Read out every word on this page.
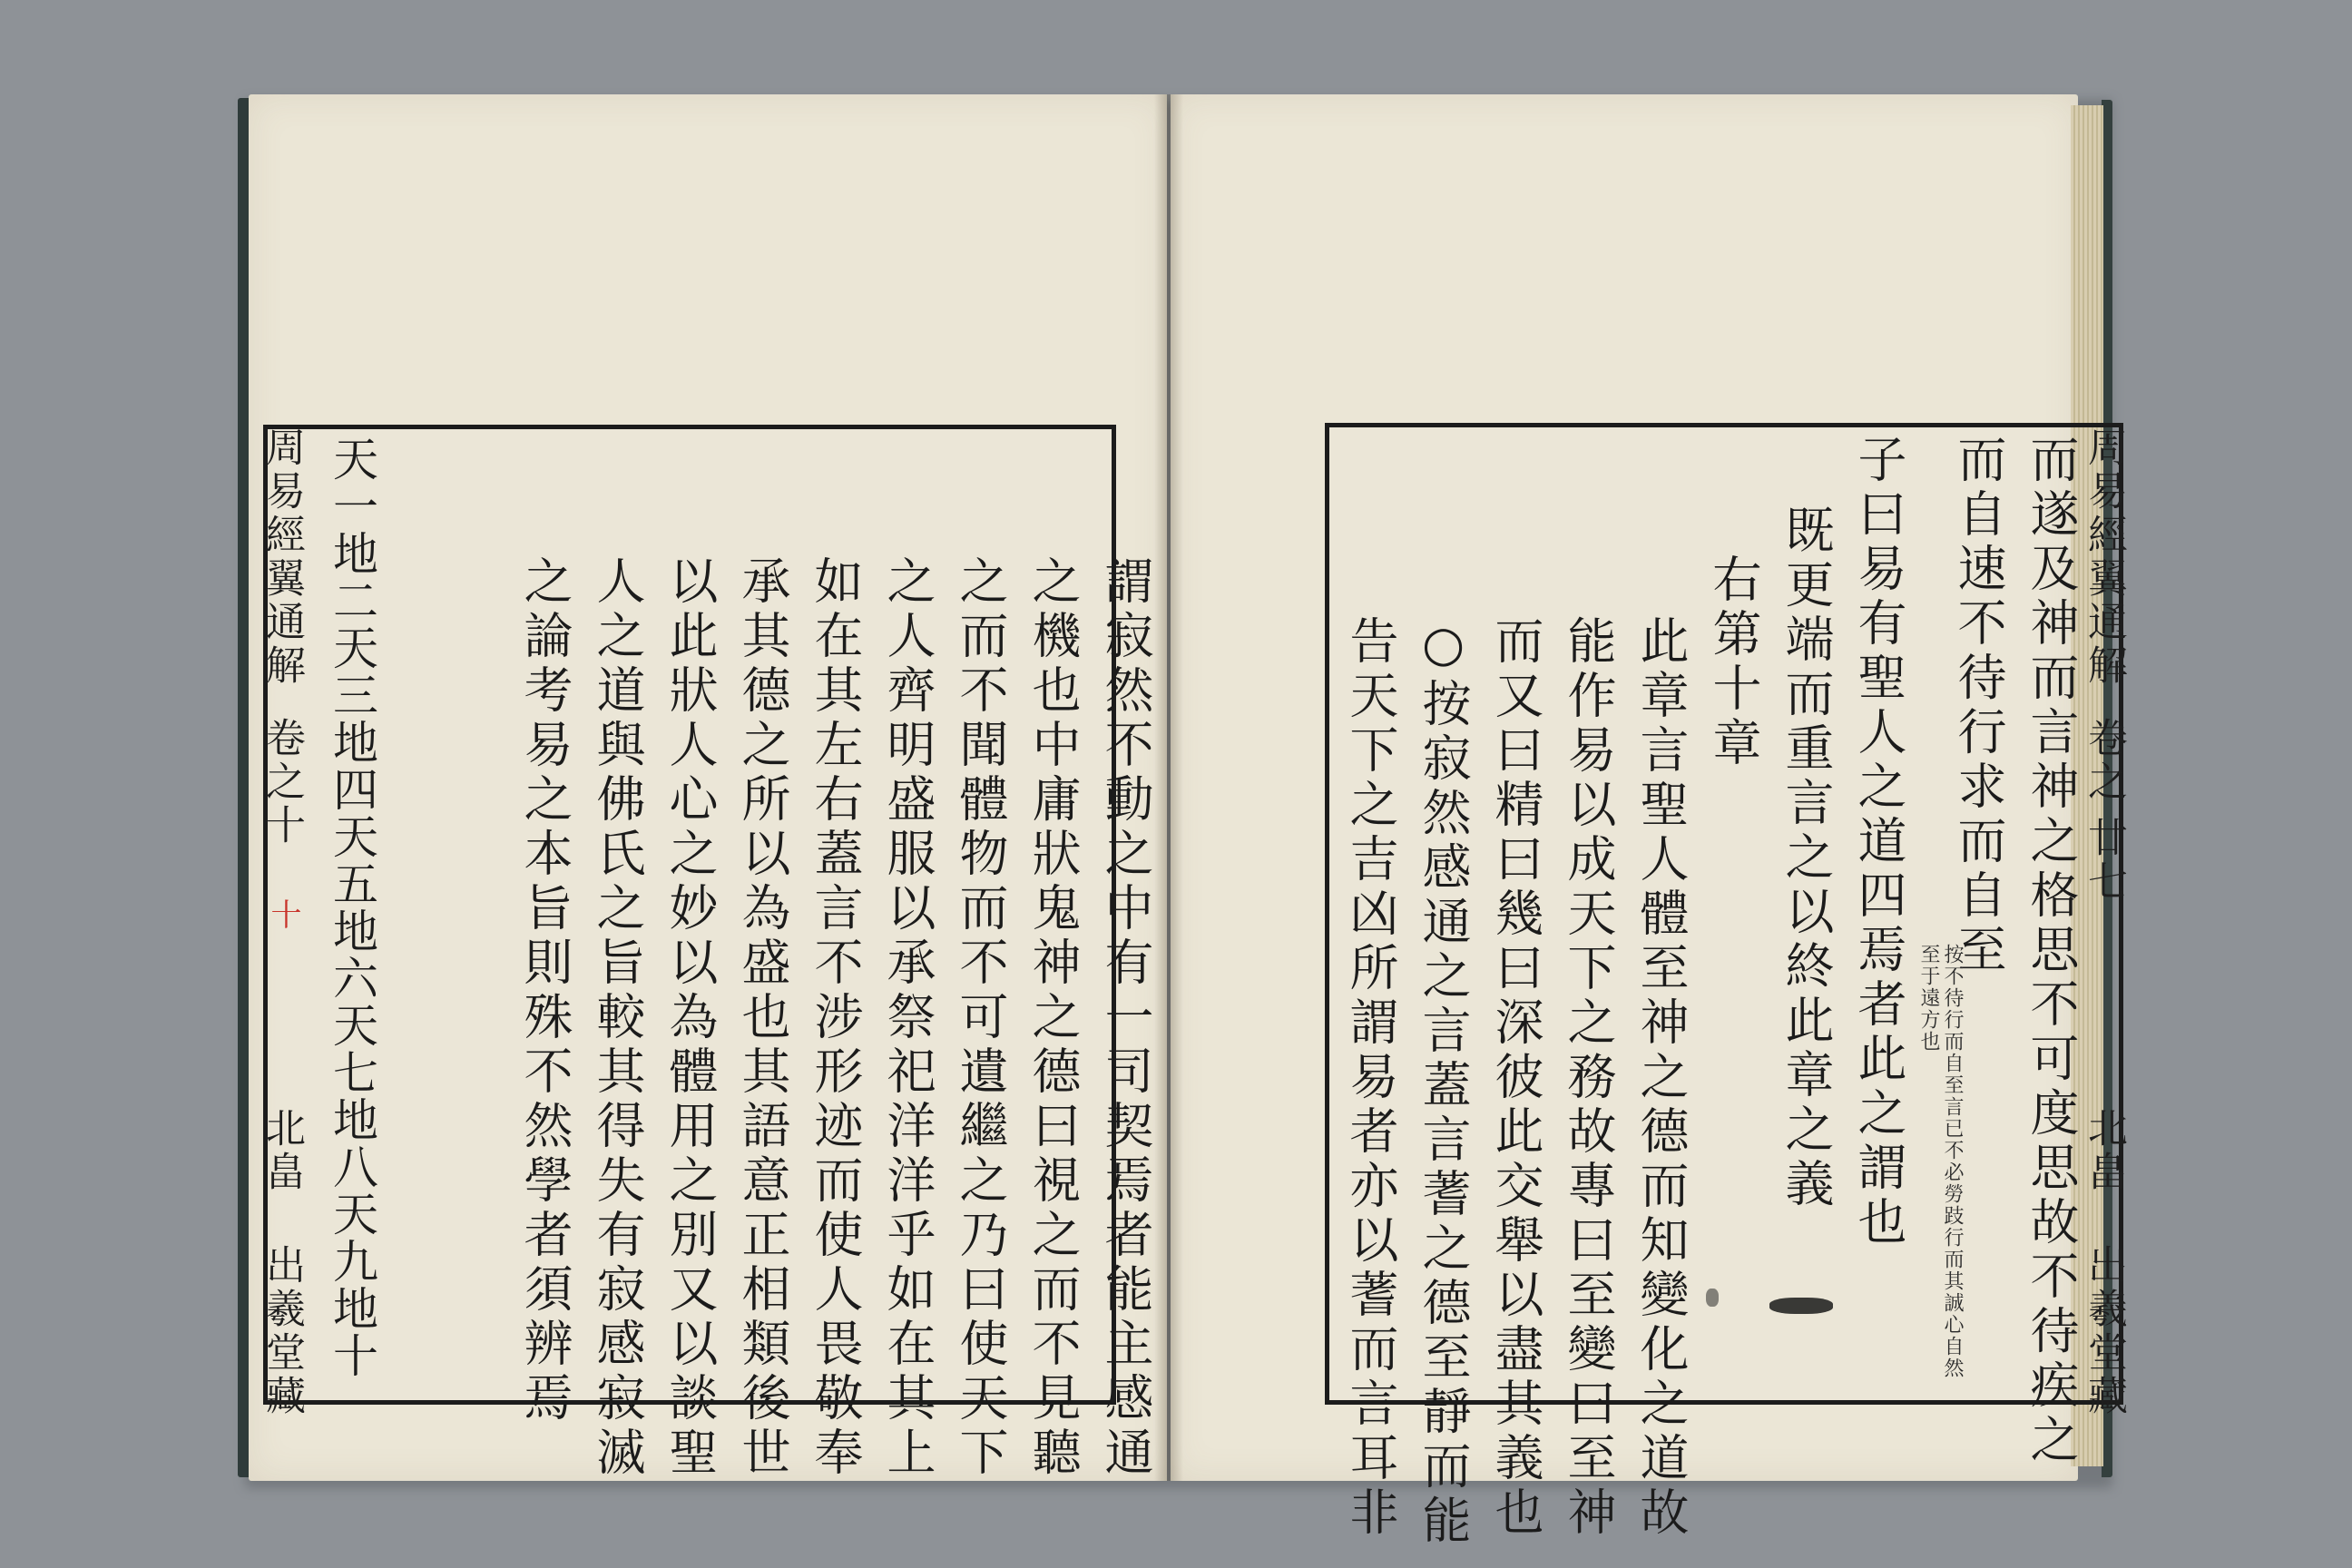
謂寂然不動之中有一司契焉者能主感通
之機也中庸狀鬼神之德曰視之而不見聽
之而不聞體物而不可遺繼之乃曰使天下
之人齊明盛服以承祭祀洋洋乎如在其上
如在其左右蓋言不涉形迹而使人畏敬奉
承其德之所以為盛也其語意正相類後世
以此狀人心之妙以為體用之別又以談聖
人之道與佛氏之旨較其得失有寂感寂滅
之論考易之本旨則殊不然學者須辨焉
天一地二天三地四天五地六天七地八天九地十
周易經翼通解
卷之十
十
北畠 出羲堂藏	而遂及神而言神之格思不可度思故不待疾之
而自速不待行求而自至
按不待行而自至言已不必勞跂行而其誠心自然至于遠方也
子曰易有聖人之道四焉者此之謂也
既更端而重言之以終此章之義
右第十章
此章言聖人體至神之德而知變化之道故
能作易以成天下之務故專曰至變曰至神
而又曰精曰幾曰深彼此交舉以盡其義也
○按寂然感通之言蓋言蓍之德至靜而能
告天下之吉凶所謂易者亦以蓍而言耳非
周易經翼通解
卷之
廿七
北畠 出羲堂藏
